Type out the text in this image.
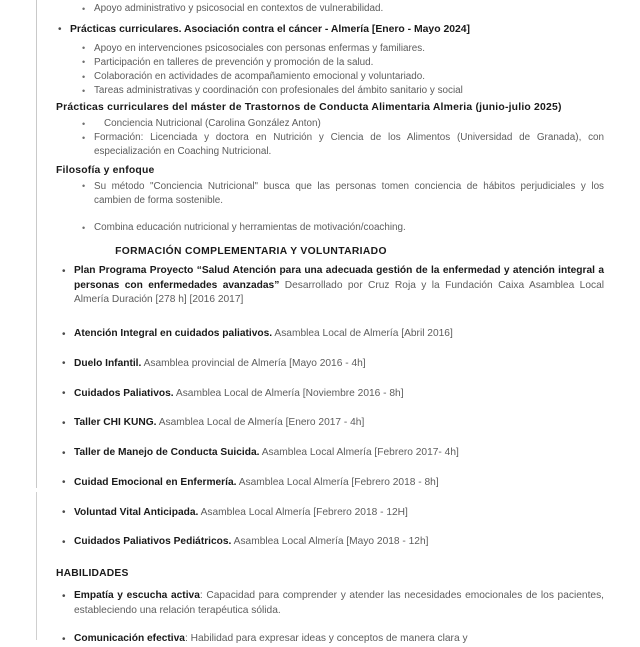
• Apoyo administrativo y psicosocial en contextos de vulnerabilidad.
• Prácticas curriculares. Asociación contra el cáncer - Almería [Enero - Mayo 2024]
• Apoyo en intervenciones psicosociales con personas enfermas y familiares.
• Participación en talleres de prevención y promoción de la salud.
• Colaboración en actividades de acompañamiento emocional y voluntariado.
• Tareas administrativas y coordinación con profesionales del ámbito sanitario y social
Prácticas curriculares del máster de Trastornos de Conducta Alimentaria Almeria (junio-julio 2025)
• Conciencia Nutricional (Carolina González Anton)
• Formación: Licenciada y doctora en Nutrición y Ciencia de los Alimentos (Universidad de Granada), con especialización en Coaching Nutricional.
Filosofía y enfoque
• Su método "Conciencia Nutricional" busca que las personas tomen conciencia de hábitos perjudiciales y los cambien de forma sostenible.
• Combina educación nutricional y herramientas de motivación/coaching.
FORMACIÓN COMPLEMENTARIA Y VOLUNTARIADO
• Plan Programa Proyecto “Salud Atención para una adecuada gestión de la enfermedad y atención integral a personas con enfermedades avanzadas” Desarrollado por Cruz Roja y la Fundación Caixa Asamblea Local Almería Duración [278 h] [2016 2017]
• Atención Integral en cuidados paliativos. Asamblea Local de Almería [Abril 2016]
• Duelo Infantil. Asamblea provincial de Almería [Mayo 2016 - 4h]
• Cuidados Paliativos. Asamblea Local de Almería [Noviembre 2016 - 8h]
• Taller CHI KUNG. Asamblea Local de Almería [Enero 2017 - 4h]
• Taller de Manejo de Conducta Suicida. Asamblea Local Almería [Febrero 2017- 4h]
• Cuidad Emocional en Enfermería. Asamblea Local Almería [Febrero 2018 - 8h]
• Voluntad Vital Anticipada. Asamblea Local Almería [Febrero 2018 - 12H]
• Cuidados Paliativos Pediátricos. Asamblea Local Almería [Mayo 2018 - 12h]
HABILIDADES
• Empatía y escucha activa: Capacidad para comprender y atender las necesidades emocionales de los pacientes, estableciendo una relación terapéutica sólida.
• Comunicación efectiva: Habilidad para expresar ideas y conceptos de manera clara y
